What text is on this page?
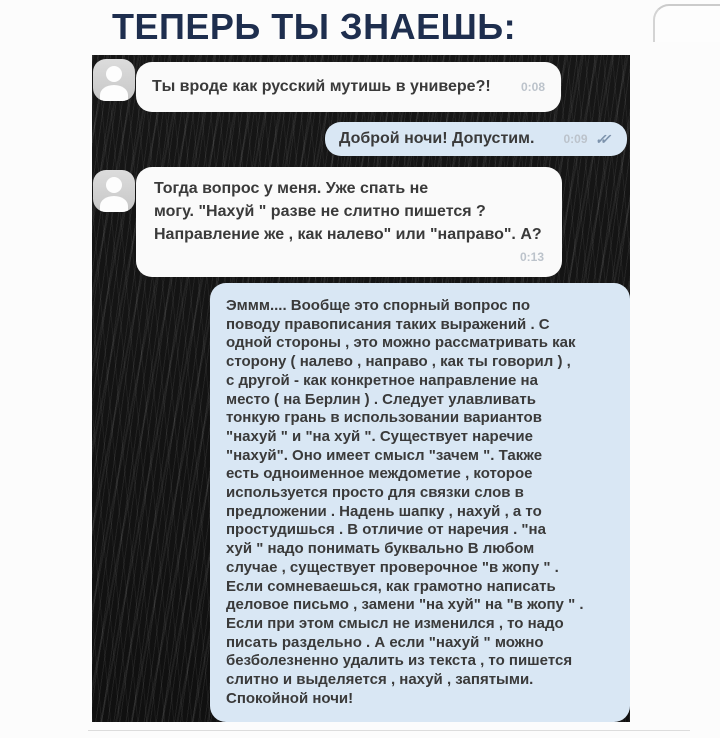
ТЕПЕРЬ ТЫ ЗНАЕШЬ:
Ты вроде как русский мутишь в универе?!	0:08
Доброй ночи! Допустим. 0:09 ✓✓
Тогда вопрос у меня. Уже спать не
могу. "Нахуй " разве не слитно пишется ?
Направление же , как налево" или "направо". А?
0:13
Эммм.... Вообще это спорный вопрос по
поводу правописания таких выражений . С
одной стороны , это можно рассматривать как
сторону ( налево , направо , как ты говорил ) ,
с другой - как конкретное направление на
место ( на Берлин ) . Следует улавливать
тонкую грань в использовании вариантов
"нахуй " и "на хуй ". Существует наречие
"нахуй". Оно имеет смысл "зачем ". Также
есть одноименное междометие , которое
используется просто для связки слов в
предложении . Надень шапку , нахуй , а то
простудишься . В отличие от наречия . "на
хуй " надо понимать буквально В любом
случае , существует проверочное "в жопу " .
Если сомневаешься, как грамотно написать
деловое письмо , замени "на хуй" на "в жопу " .
Если при этом смысл не изменился , то надо
писать раздельно . А если "нахуй " можно
безболезненно удалить из текста , то пишется
слитно и выделяется , нахуй , запятыми.
Спокойной ночи!
